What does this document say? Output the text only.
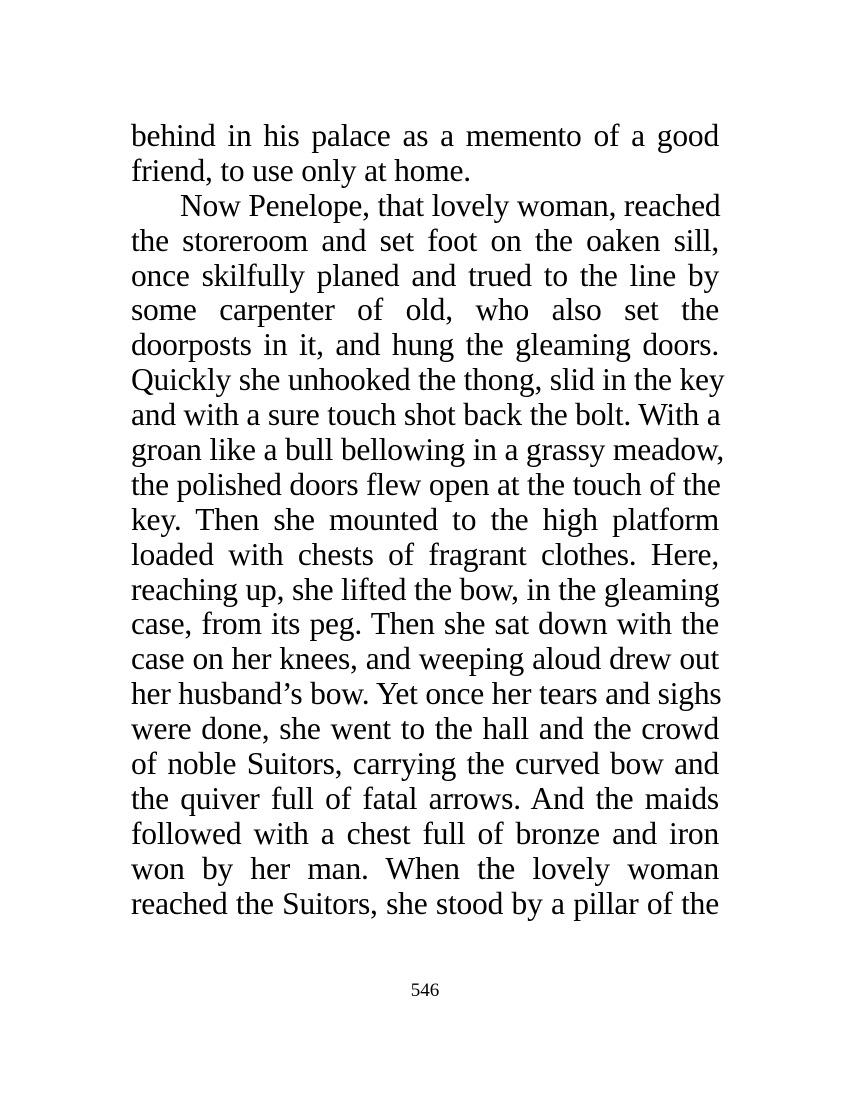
behind in his palace as a memento of a good
friend, to use only at home.
Now Penelope, that lovely woman, reached
the storeroom and set foot on the oaken sill,
once skilfully planed and trued to the line by
some carpenter of old, who also set the
doorposts in it, and hung the gleaming doors.
Quickly she unhooked the thong, slid in the key
and with a sure touch shot back the bolt. With a
groan like a bull bellowing in a grassy meadow,
the polished doors flew open at the touch of the
key. Then she mounted to the high platform
loaded with chests of fragrant clothes. Here,
reaching up, she lifted the bow, in the gleaming
case, from its peg. Then she sat down with the
case on her knees, and weeping aloud drew out
her husband’s bow. Yet once her tears and sighs
were done, she went to the hall and the crowd
of noble Suitors, carrying the curved bow and
the quiver full of fatal arrows. And the maids
followed with a chest full of bronze and iron
won by her man. When the lovely woman
reached the Suitors, she stood by a pillar of the
546
